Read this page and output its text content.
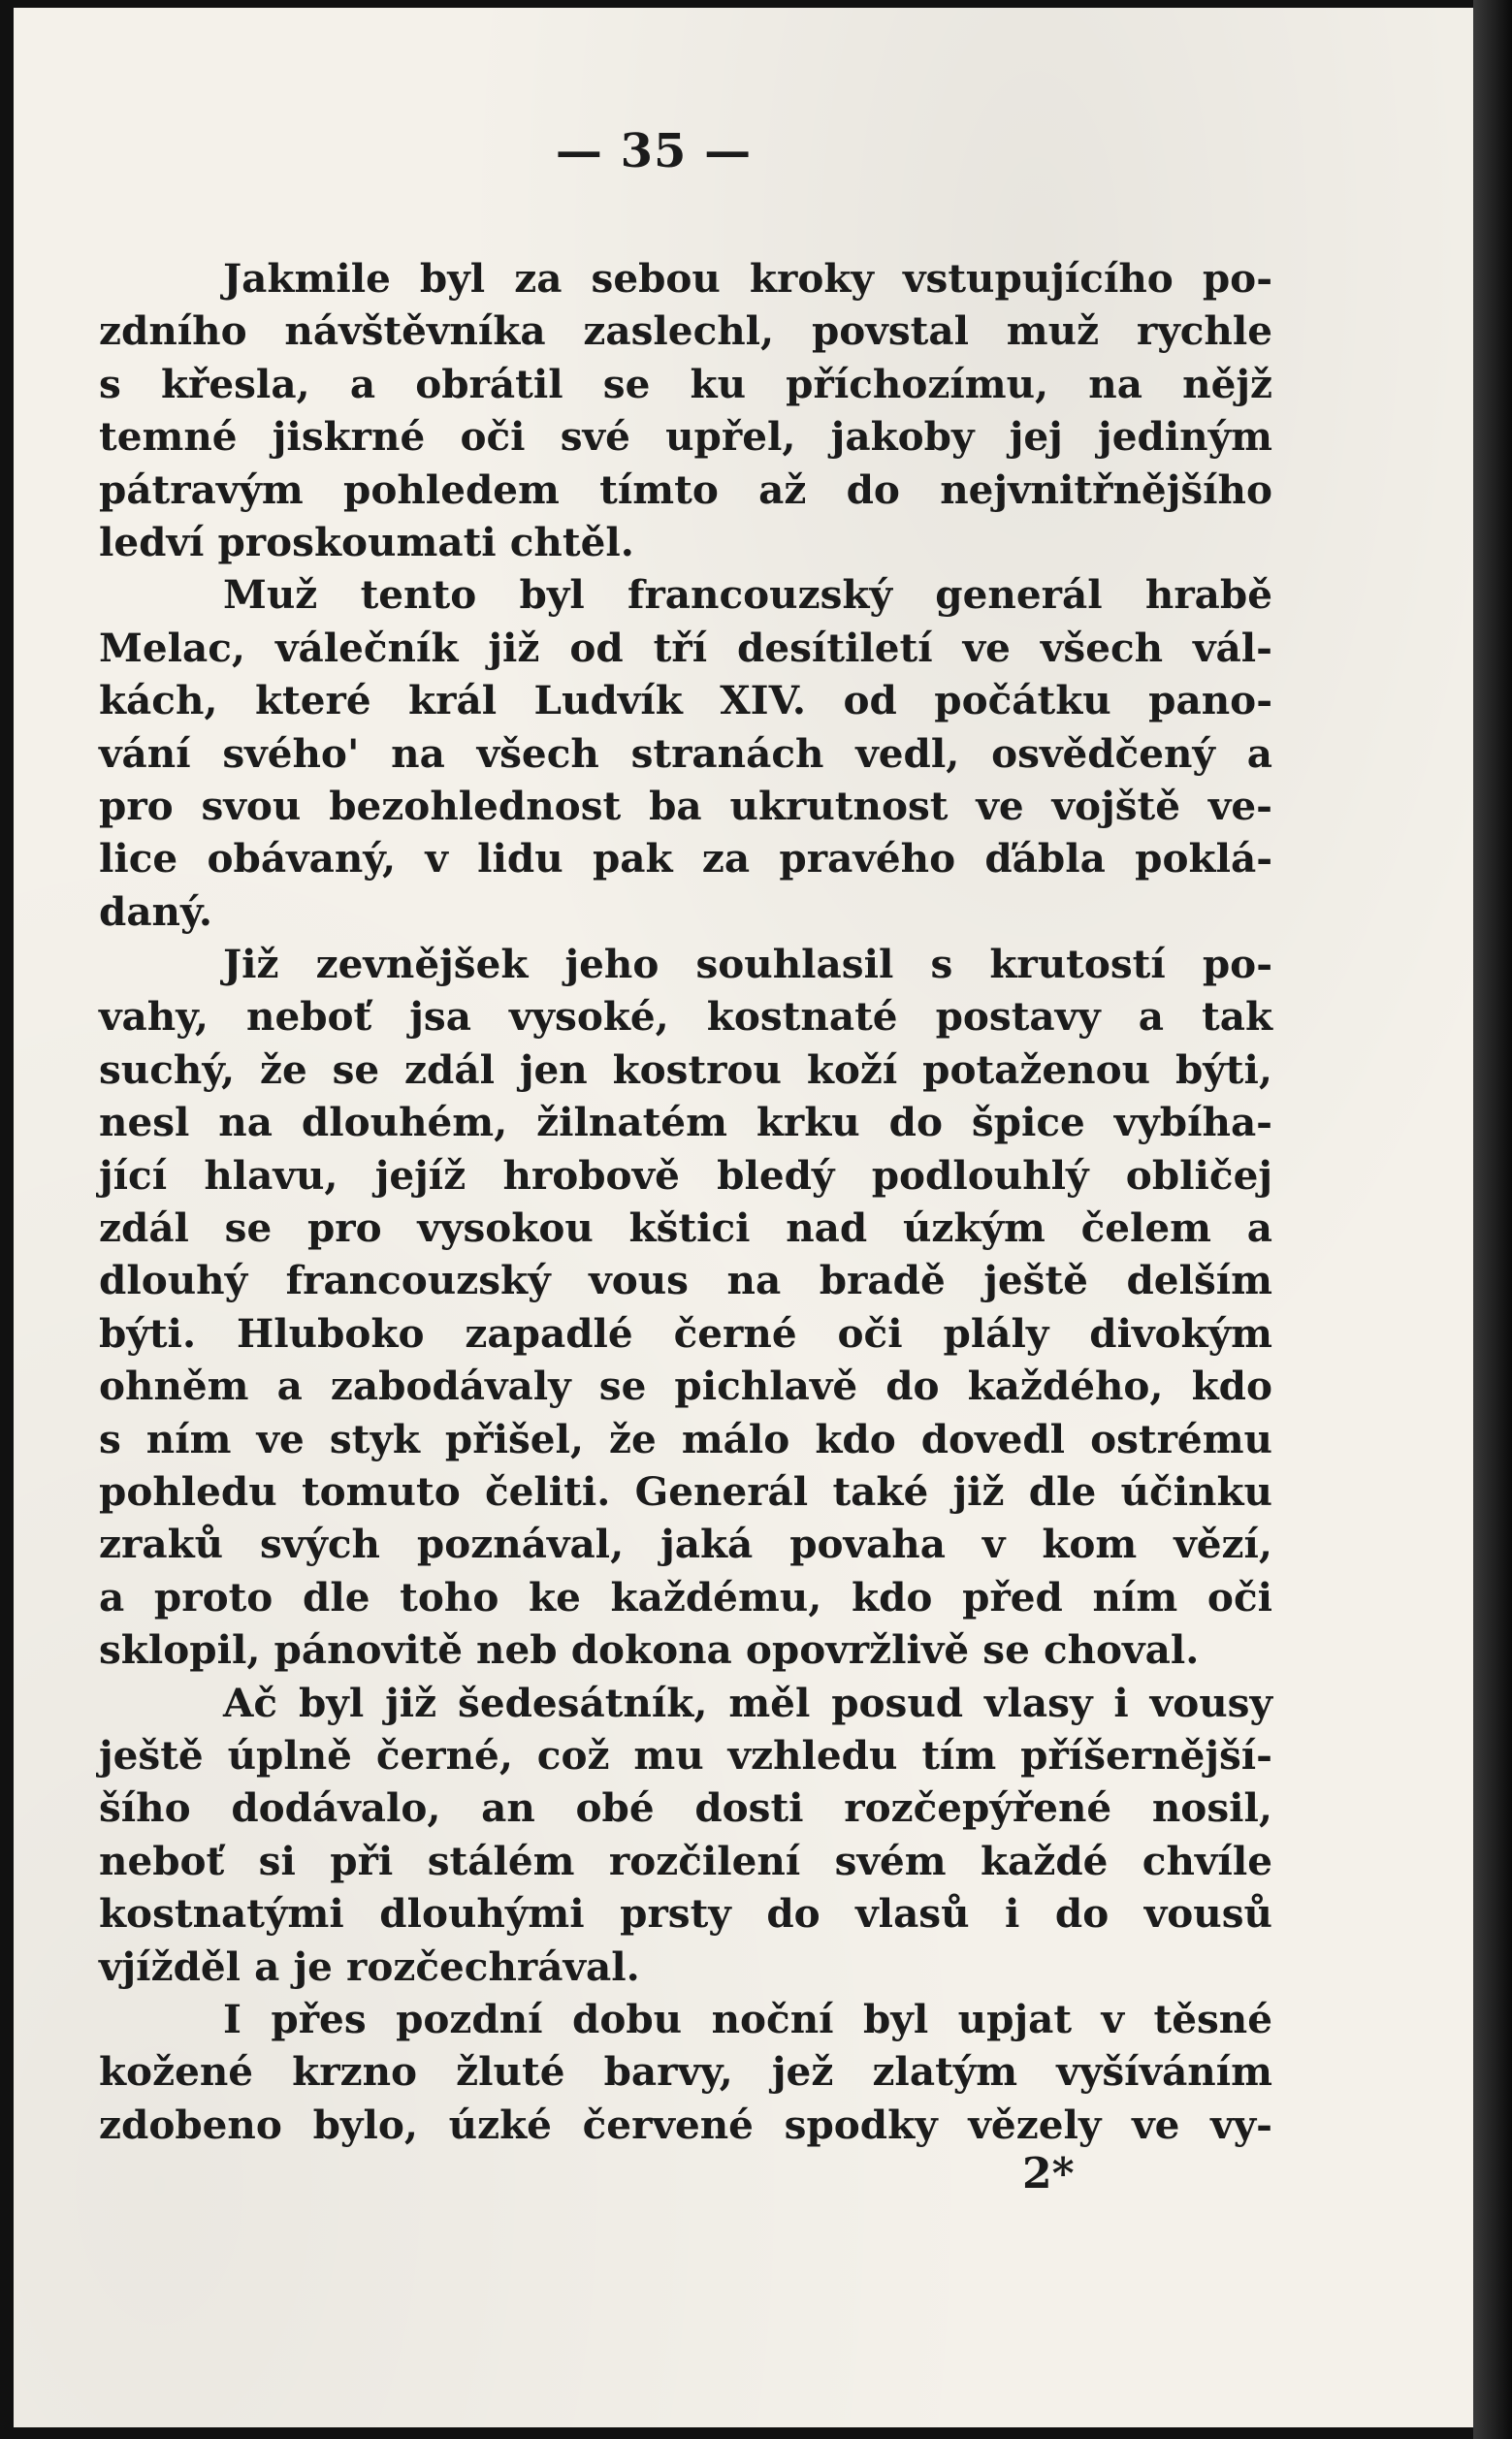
— 35 —
Jakmile byl za sebou kroky vstupujícího po-
zdního návštěvníka zaslechl, povstal muž rychle
s křesla, a obrátil se ku příchozímu, na nějž
temné jiskrné oči své upřel, jakoby jej jediným
pátravým pohledem tímto až do nejvnitřnějšího
ledví proskoumati chtěl.
Muž tento byl francouzský generál hrabě
Melac, válečník již od tří desítiletí ve všech vál-
kách, které král Ludvík XIV. od počátku pano-
vání svého' na všech stranách vedl, osvědčený a
pro svou bezohlednost ba ukrutnost ve vojště ve-
lice obávaný, v lidu pak za pravého ďábla poklá-
daný.
Již zevnějšek jeho souhlasil s krutostí po-
vahy, neboť jsa vysoké, kostnaté postavy a tak
suchý, že se zdál jen kostrou koží potaženou býti,
nesl na dlouhém, žilnatém krku do špice vybíha-
jící hlavu, jejíž hrobově bledý podlouhlý obličej
zdál se pro vysokou kštici nad úzkým čelem a
dlouhý francouzský vous na bradě ještě delším
býti. Hluboko zapadlé černé oči plály divokým
ohněm a zabodávaly se pichlavě do každého, kdo
s ním ve styk přišel, že málo kdo dovedl ostrému
pohledu tomuto čeliti. Generál také již dle účinku
zraků svých poznával, jaká povaha v kom vězí,
a proto dle toho ke každému, kdo před ním oči
sklopil, pánovitě neb dokona opovržlivě se choval.
Ač byl již šedesátník, měl posud vlasy i vousy
ještě úplně černé, což mu vzhledu tím příšernější-
šího dodávalo, an obé dosti rozčepýřené nosil,
neboť si při stálém rozčilení svém každé chvíle
kostnatými dlouhými prsty do vlasů i do vousů
vjížděl a je rozčechrával.
I přes pozdní dobu noční byl upjat v těsné
kožené krzno žluté barvy, jež zlatým vyšíváním
zdobeno bylo, úzké červené spodky vězely ve vy-
2*
